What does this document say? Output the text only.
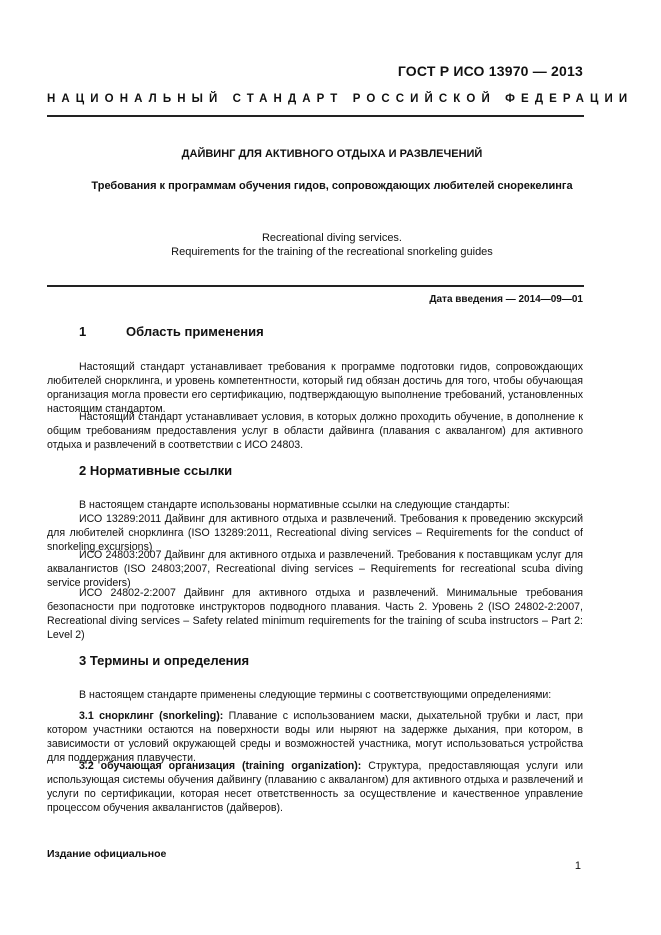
ГОСТ Р ИСО 13970 — 2013
НАЦИОНАЛЬНЫЙ СТАНДАРТ РОССИЙСКОЙ ФЕДЕРАЦИИ
ДАЙВИНГ ДЛЯ АКТИВНОГО ОТДЫХА И РАЗВЛЕЧЕНИЙ
Требования к программам обучения гидов, сопровождающих любителей снорекелинга
Recreational diving services.
Requirements for the training of the recreational snorkeling guides
Дата введения — 2014—09—01
1	Область применения

Настоящий стандарт устанавливает требования к программе подготовки гидов, сопровождающих любителей снорклинга, и уровень компетентности, который гид обязан достичь для того, чтобы обучающая организация могла провести его сертификацию, подтверждающую выполнение требований, установленных настоящим стандартом.

Настоящий стандарт устанавливает условия, в которых должно проходить обучение, в дополнение к общим требованиям предоставления услуг в области дайвинга (плавания с аквалангом) для активного отдыха и развлечений в соответствии с ИСО 24803.

2 Нормативные ссылки

В настоящем стандарте использованы нормативные ссылки на следующие стандарты:

ИСО 13289:2011 Дайвинг для активного отдыха и развлечений. Требования к проведению экскурсий для любителей снорклинга (ISO 13289:2011, Recreational diving services – Requirements for the conduct of snorkeling excursions)

ИСО 24803:2007 Дайвинг для активного отдыха и развлечений. Требования к поставщикам услуг для аквалангистов (ISO 24803;2007, Recreational diving services – Requirements for recreational scuba diving service providers)

ИСО 24802-2:2007 Дайвинг для активного отдыха и развлечений. Минимальные требования безопасности при подготовке инструкторов подводного плавания. Часть 2. Уровень 2 (ISO 24802-2:2007, Recreational diving services – Safety related minimum requirements for the training of scuba instructors – Part 2: Level 2)

3 Термины и определения

В настоящем стандарте применены следующие термины с соответствующими определениями:

3.1 снорклинг (snorkeling): Плавание с использованием маски, дыхательной трубки и ласт, при котором участники остаются на поверхности воды или ныряют на задержке дыхания, при котором, в зависимости от условий окружающей среды и возможностей участника, могут использоваться устройства для поддержания плавучести.

3.2 обучающая организация (training organization): Структура, предоставляющая услуги или использующая системы обучения дайвингу (плаванию с аквалангом) для активного отдыха и развлечений и услуги по сертификации, которая несет ответственность за осуществление и качественное управление процессом обучения аквалангистов (дайверов).

Издание официальное
1
